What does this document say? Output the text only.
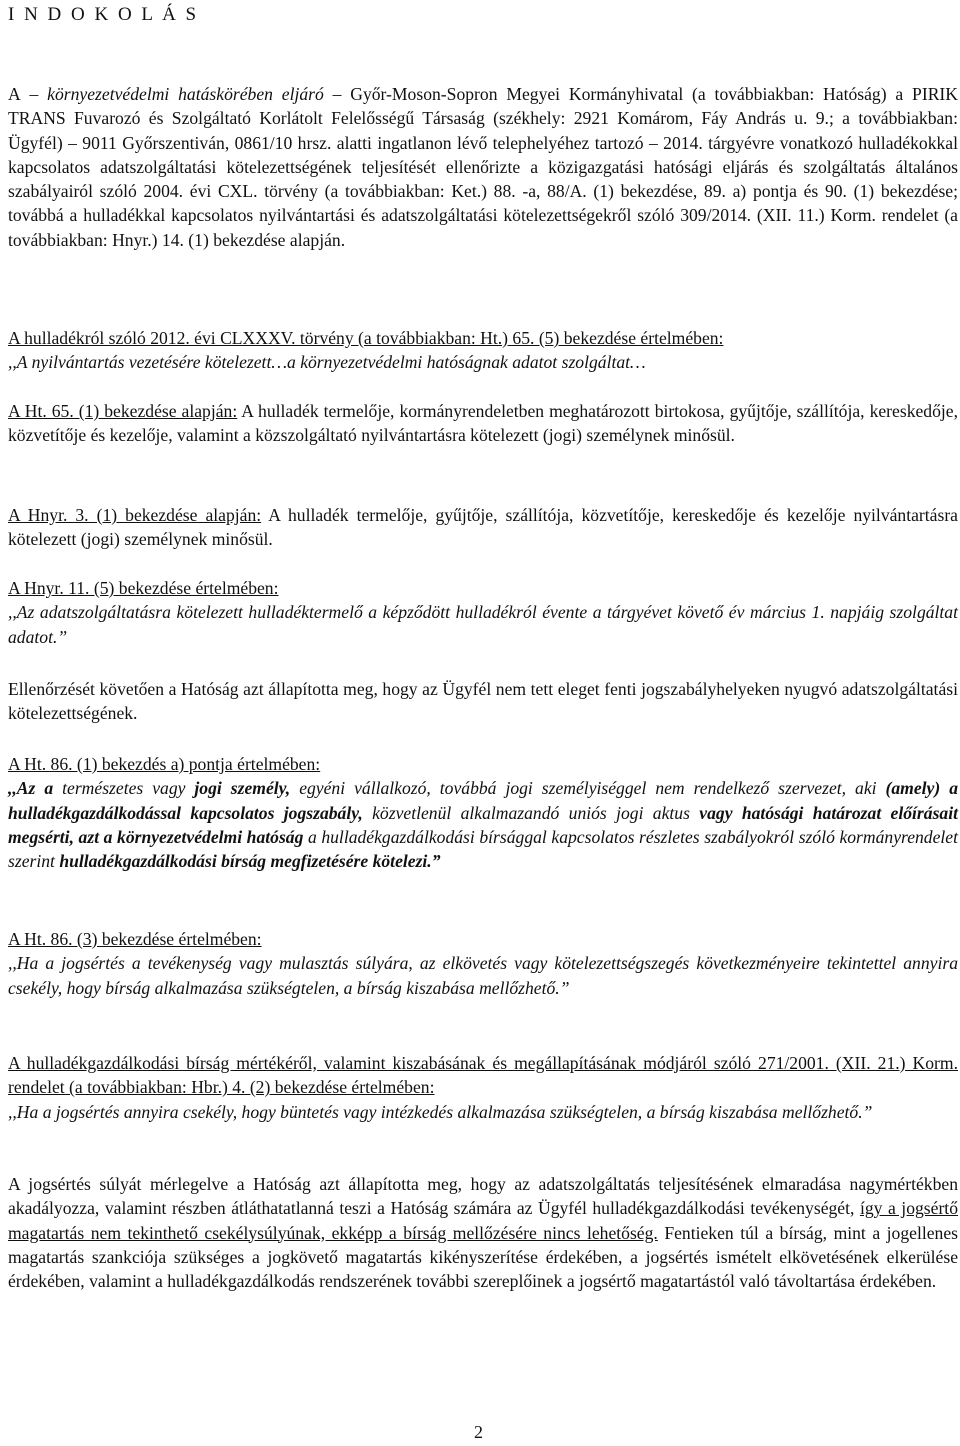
I N D O K O L Á S
A – környezetvédelmi hatáskörében eljáró – Győr-Moson-Sopron Megyei Kormányhivatal (a továbbiakban: Hatóság) a PIRIK TRANS Fuvarozó és Szolgáltató Korlátolt Felelősségű Társaság (székhely: 2921 Komárom, Fáy András u. 9.; a továbbiakban: Ügyfél) – 9011 Győrszentiván, 0861/10 hrsz. alatti ingatlanon lévő telephelyéhez tartozó – 2014. tárgyévre vonatkozó hulladékokkal kapcsolatos adatszolgáltatási kötelezettségének teljesítését ellenőrizte a közigazgatási hatósági eljárás és szolgáltatás általános szabályairól szóló 2004. évi CXL. törvény (a továbbiakban: Ket.) 88. -a, 88/A. (1) bekezdése, 89. a) pontja és 90. (1) bekezdése; továbbá a hulladékkal kapcsolatos nyilvántartási és adatszolgáltatási kötelezettségekről szóló 309/2014. (XII. 11.) Korm. rendelet (a továbbiakban: Hnyr.) 14. (1) bekezdése alapján.
A hulladékról szóló 2012. évi CLXXXV. törvény (a továbbiakban: Ht.) 65. (5) bekezdése értelmében:
,,A nyilvántartás vezetésére kötelezett…a környezetvédelmi hatóságnak adatot szolgáltat…
A Ht. 65. (1) bekezdése alapján: A hulladék termelője, kormányrendeletben meghatározott birtokosa, gyűjtője, szállítója, kereskedője, közvetítője és kezelője, valamint a közszolgáltató nyilvántartásra kötelezett (jogi) személynek minősül.
A Hnyr. 3. (1) bekezdése alapján: A hulladék termelője, gyűjtője, szállítója, közvetítője, kereskedője és kezelője nyilvántartásra kötelezett (jogi) személynek minősül.
A Hnyr. 11. (5) bekezdése értelmében:
,,Az adatszolgáltatásra kötelezett hulladéktermelő a képződött hulladékról évente a tárgyévet követő év március 1. napjáig szolgáltat adatot.”
Ellenőrzését követően a Hatóság azt állapította meg, hogy az Ügyfél nem tett eleget fenti jogszabályhelyeken nyugvó adatszolgáltatási kötelezettségének.
A Ht. 86. (1) bekezdés a) pontja értelmében:
,,Az a természetes vagy jogi személy, egyéni vállalkozó, továbbá jogi személyiséggel nem rendelkező szervezet, aki (amely) a hulladékgazdálkodással kapcsolatos jogszabály, közvetlenül alkalmazandó uniós jogi aktus vagy hatósági határozat előírásait megsérti, azt a környezetvédelmi hatóság a hulladékgazdálkodási bírsággal kapcsolatos részletes szabályokról szóló kormányrendelet szerint hulladékgazdálkodási bírság megfizetésére kötelezi.”
A Ht. 86. (3) bekezdése értelmében:
,,Ha a jogsértés a tevékenység vagy mulasztás súlyára, az elkövetés vagy kötelezettségszegés következményeire tekintettel annyira csekély, hogy bírság alkalmazása szükségtelen, a bírság kiszabása mellőzhető.”
A hulladékgazdálkodási bírság mértékéről, valamint kiszabásának és megállapításának módjáról szóló 271/2001. (XII. 21.) Korm. rendelet (a továbbiakban: Hbr.) 4. (2) bekezdése értelmében:
,,Ha a jogsértés annyira csekély, hogy büntetés vagy intézkedés alkalmazása szükségtelen, a bírság kiszabása mellőzhető.”
A jogsértés súlyát mérlegelve a Hatóság azt állapította meg, hogy az adatszolgáltatás teljesítésének elmaradása nagymértékben akadályozza, valamint részben átláthatatlanná teszi a Hatóság számára az Ügyfél hulladékgazdálkodási tevékenységét, így a jogsértő magatartás nem tekinthető csekélysúlyúnak, ekképp a bírság mellőzésére nincs lehetőség. Fentieken túl a bírság, mint a jogellenes magatartás szankciója szükséges a jogkövető magatartás kikényszerítése érdekében, a jogsértés ismételt elkövetésének elkerülése érdekében, valamint a hulladékgazdálkodás rendszerének további szereplőinek a jogsértő magatartástól való távoltartása érdekében.
2
